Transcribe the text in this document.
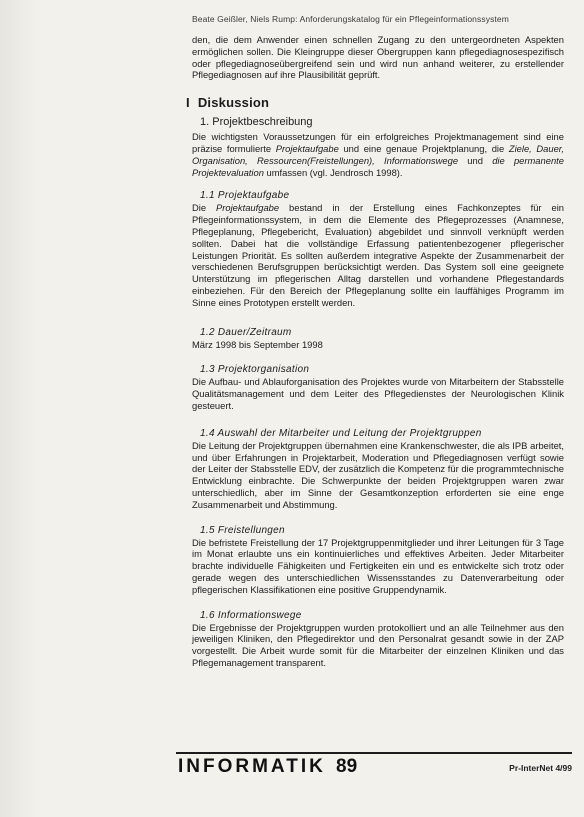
Beate Geißler, Niels Rump: Anforderungskatalog für ein Pflegeinformationssystem

den, die dem Anwender einen schnellen Zugang zu den untergeordneten Aspekten ermöglichen sollen. Die Kleingruppe dieser Obergruppen kann pflegediagnosespezifisch oder pflegediagnoseübergreifend sein und wird nun anhand weiterer, zu erstellender Pflegediagnosen auf ihre Plausibilität geprüft.

I Diskussion
1. Projektbeschreibung

Die wichtigsten Voraussetzungen für ein erfolgreiches Projektmanagement sind eine präzise formulierte Projektaufgabe und eine genaue Projektplanung, die Ziele, Dauer, Organisation, Ressourcen(Freistellungen), Informationswege und die permanente Projektevaluation umfassen (vgl. Jendrosch 1998).

1.1 Projektaufgabe

Die Projektaufgabe bestand in der Erstellung eines Fachkonzeptes für ein Pflegeinformationssystem, in dem die Elemente des Pflegeprozesses (Anamnese, Pflegeplanung, Pflegebericht, Evaluation) abgebildet und sinnvoll verknüpft werden sollten. Dabei hat die vollständige Erfassung patientenbezogener pflegerischer Leistungen Priorität. Es sollten außerdem integrative Aspekte der Zusammenarbeit der verschiedenen Berufsgruppen berücksichtigt werden. Das System soll eine geeignete Unterstützung im pflegerischen Alltag darstellen und vorhandene Pflegestandards einbeziehen. Für den Bereich der Pflegeplanung sollte ein lauffähiges Programm im Sinne eines Prototypen erstellt werden.

1.2 Dauer/Zeitraum

März 1998 bis September 1998

1.3 Projektorganisation

Die Aufbau- und Ablauforganisation des Projektes wurde von Mitarbeitern der Stabsstelle Qualitätsmanagement und dem Leiter des Pflegedienstes der Neurologischen Klinik gesteuert.

1.4 Auswahl der Mitarbeiter und Leitung der Projektgruppen

Die Leitung der Projektgruppen übernahmen eine Krankenschwester, die als IPB arbeitet, und über Erfahrungen in Projektarbeit, Moderation und Pflegediagnosen verfügt sowie der Leiter der Stabsstelle EDV, der zusätzlich die Kompetenz für die programmtechnische Entwicklung einbrachte. Die Schwerpunkte der beiden Projektgruppen waren zwar unterschiedlich, aber im Sinne der Gesamtkonzeption erforderten sie eine enge Zusammenarbeit und Abstimmung.

1.5 Freistellungen

Die befristete Freistellung der 17 Projektgruppenmitglieder und ihrer Leitungen für 3 Tage im Monat erlaubte uns ein kontinuierliches und effektives Arbeiten. Jeder Mitarbeiter brachte individuelle Fähigkeiten und Fertigkeiten ein und es entwickelte sich trotz oder gerade wegen des unterschiedlichen Wissensstandes zu Datenverarbeitung oder pflegerischen Klassifikationen eine positive Gruppendynamik.

1.6 Informationswege

Die Ergebnisse der Projektgruppen wurden protokolliert und an alle Teilnehmer aus den jeweiligen Kliniken, den Pflegedirektor und den Personalrat gesandt sowie in der ZAP vorgestellt. Die Arbeit wurde somit für die Mitarbeiter der einzelnen Kliniken und das Pflegemanagement transparent.

INFORMATIK 89	Pr-InterNet 4/99
